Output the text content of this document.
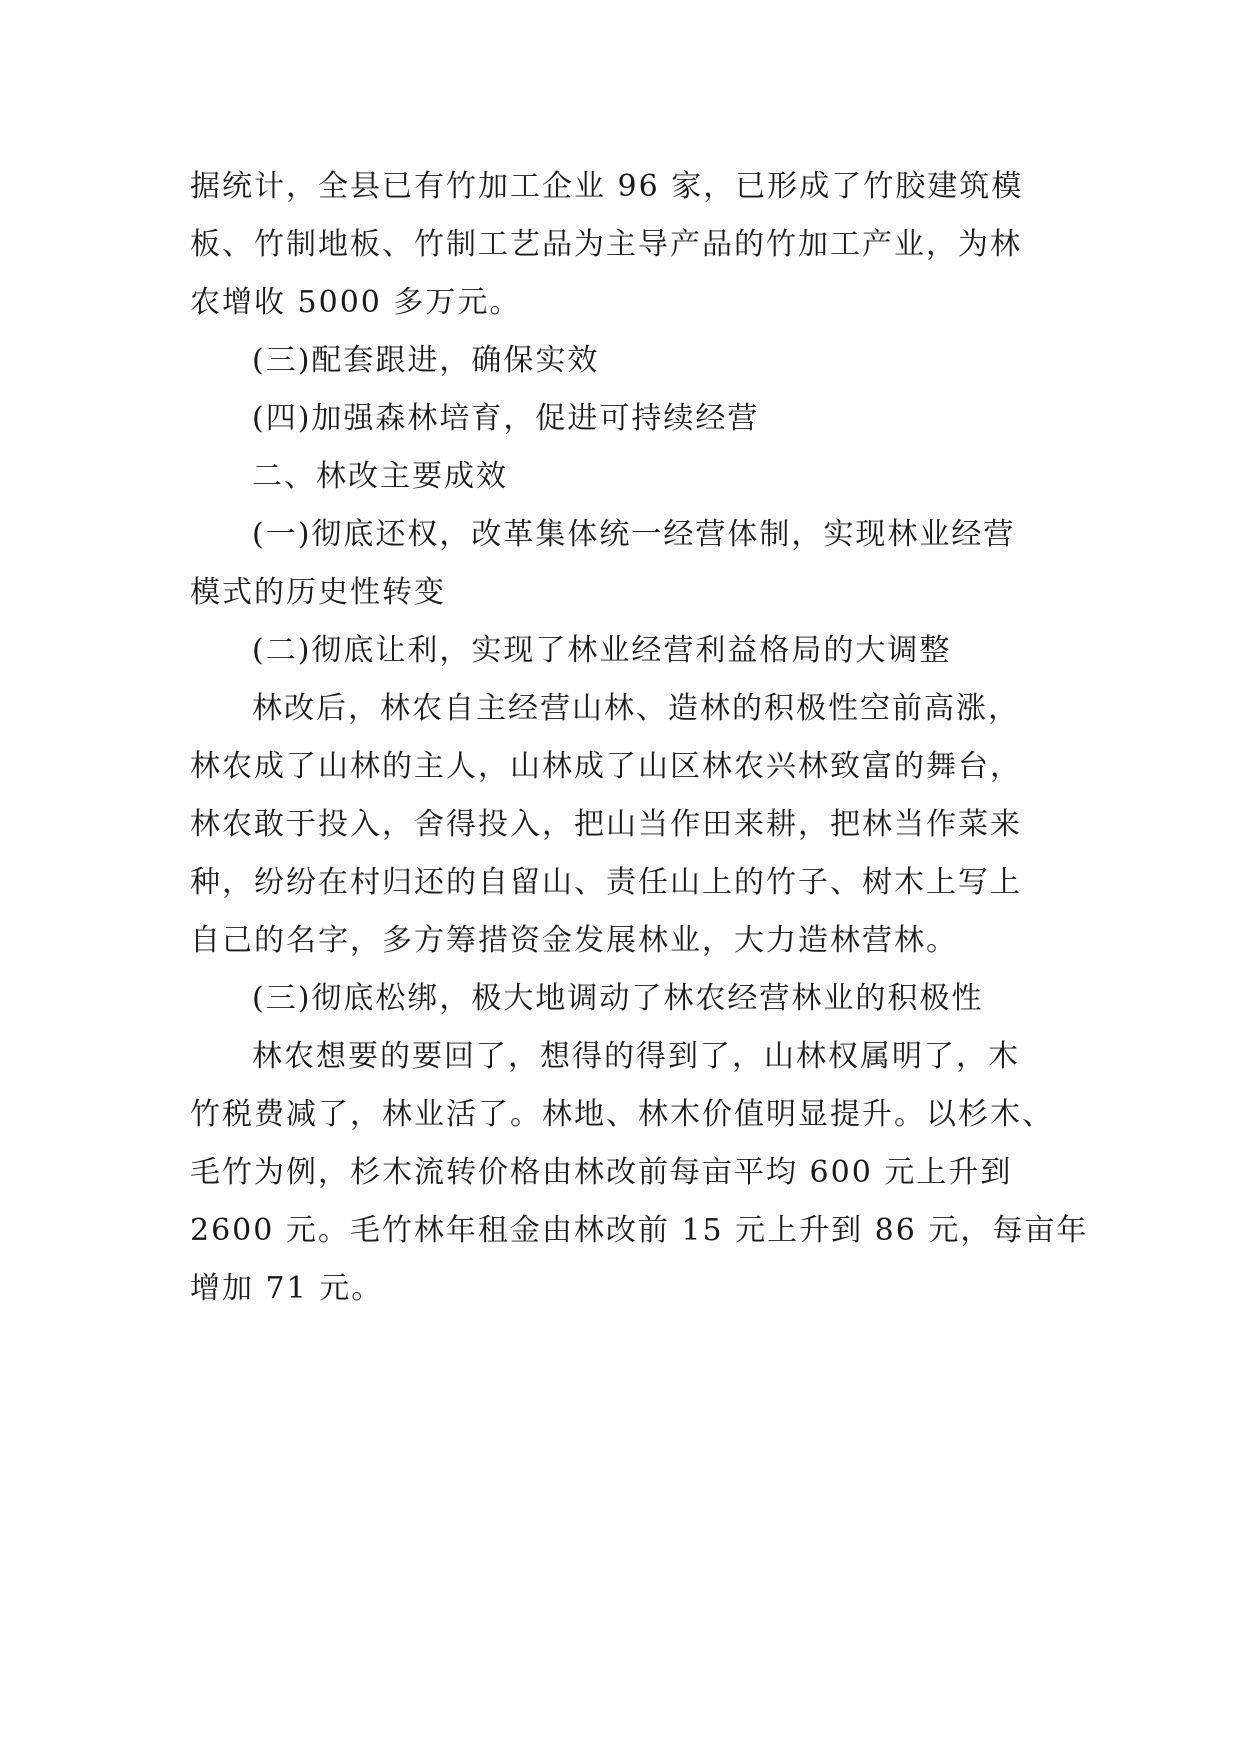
据统计，全县已有竹加工企业 96 家，已形成了竹胶建筑模
板、竹制地板、竹制工艺品为主导产品的竹加工产业，为林
农增收 5000 多万元。
(三)配套跟进，确保实效
(四)加强森林培育，促进可持续经营
二、林改主要成效
(一)彻底还权，改革集体统一经营体制，实现林业经营
模式的历史性转变
(二)彻底让利，实现了林业经营利益格局的大调整
林改后，林农自主经营山林、造林的积极性空前高涨，
林农成了山林的主人，山林成了山区林农兴林致富的舞台，
林农敢于投入，舍得投入，把山当作田来耕，把林当作菜来
种，纷纷在村归还的自留山、责任山上的竹子、树木上写上
自己的名字，多方筹措资金发展林业，大力造林营林。
(三)彻底松绑，极大地调动了林农经营林业的积极性
林农想要的要回了，想得的得到了，山林权属明了，木
竹税费减了，林业活了。林地、林木价值明显提升。以杉木、
毛竹为例，杉木流转价格由林改前每亩平均 600 元上升到
2600 元。毛竹林年租金由林改前 15 元上升到 86 元，每亩年
增加 71 元。
